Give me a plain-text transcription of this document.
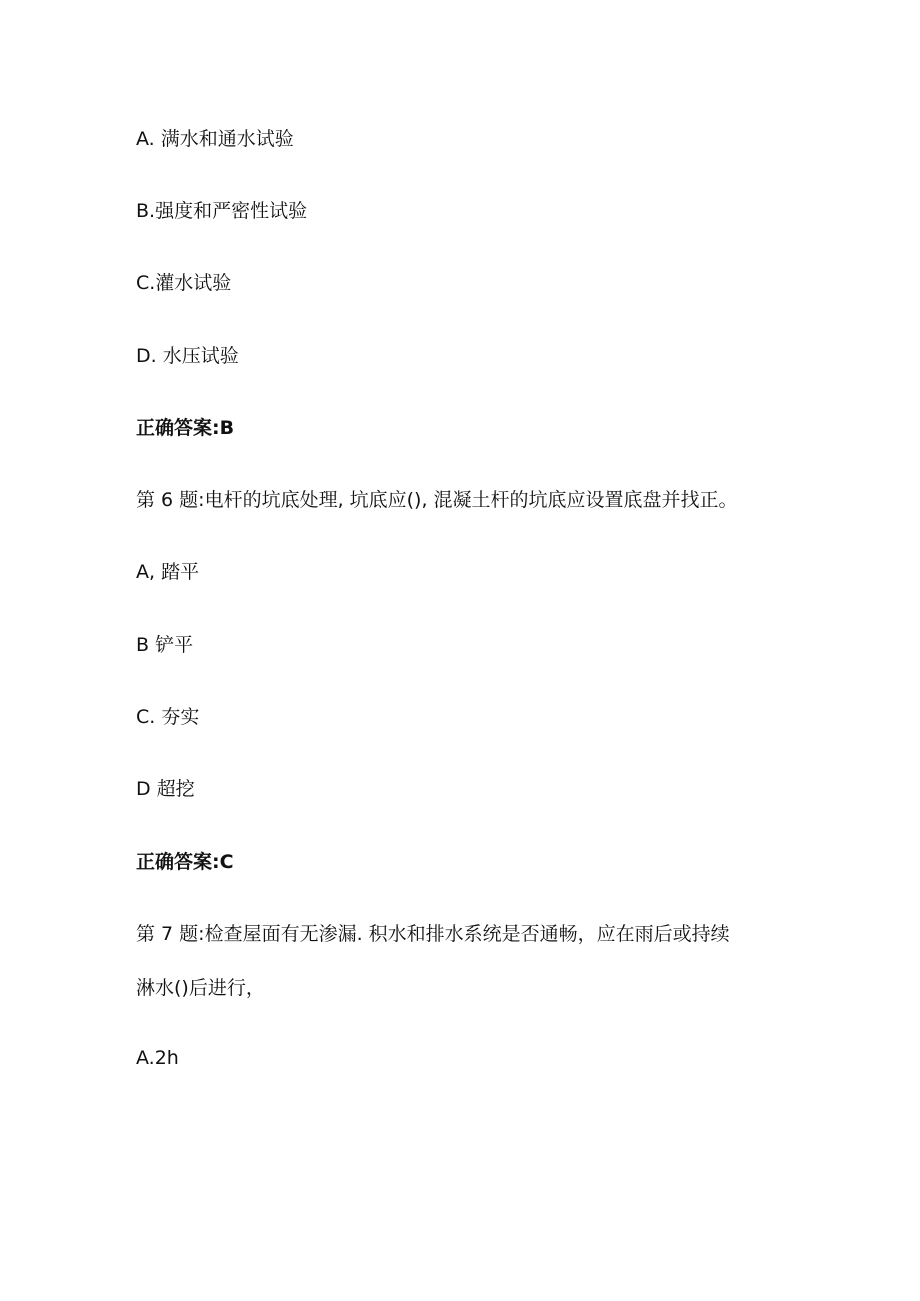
A. 满水和通水试验
B.强度和严密性试验
C.灌水试验
D. 水压试验
正确答案:B
第 6 题:电杆的坑底处理, 坑底应(), 混凝土杆的坑底应设置底盘并找正。
A, 踏平
B 铲平
C. 夯实
D 超挖
正确答案:C
第 7 题:检查屋面有无渗漏. 积水和排水系统是否通畅，应在雨后或持续
淋水()后进行，
A.2h
